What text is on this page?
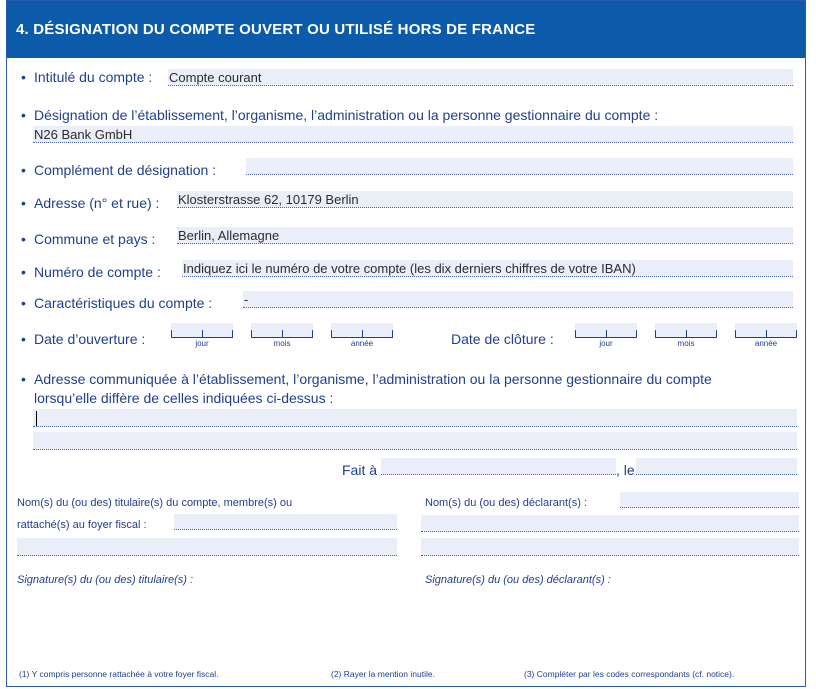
4. DÉSIGNATION DU COMPTE OUVERT OU UTILISÉ HORS DE FRANCE
• Intitulé du compte : Compte courant
• Désignation de l’établissement, l’organisme, l’administration ou la personne gestionnaire du compte :
N26 Bank GmbH
• Complément de désignation :
• Adresse (n° et rue) : Klosterstrasse 62, 10179 Berlin
• Commune et pays : Berlin, Allemagne
• Numéro de compte : Indiquez ici le numéro de votre compte (les dix derniers chiffres de votre IBAN)
• Caractéristiques du compte : -
• Date d’ouverture :	jour	mois	année	Date de clôture :	jour	mois	année
• Adresse communiquée à l’établissement, l’organisme, l’administration ou la personne gestionnaire du compte
lorsqu’elle diffère de celles indiquées ci-dessus :
Fait à	, le
Nom(s) du (ou des) titulaire(s) du compte, membre(s) ou
rattaché(s) au foyer fiscal :
Nom(s) du (ou des) déclarant(s) :
Signature(s) du (ou des) titulaire(s) :	Signature(s) du (ou des) déclarant(s) :
(1) Y compris personne rattachée à votre foyer fiscal.	(2) Rayer la mention inutile.	(3) Compléter par les codes correspondants (cf. notice).
